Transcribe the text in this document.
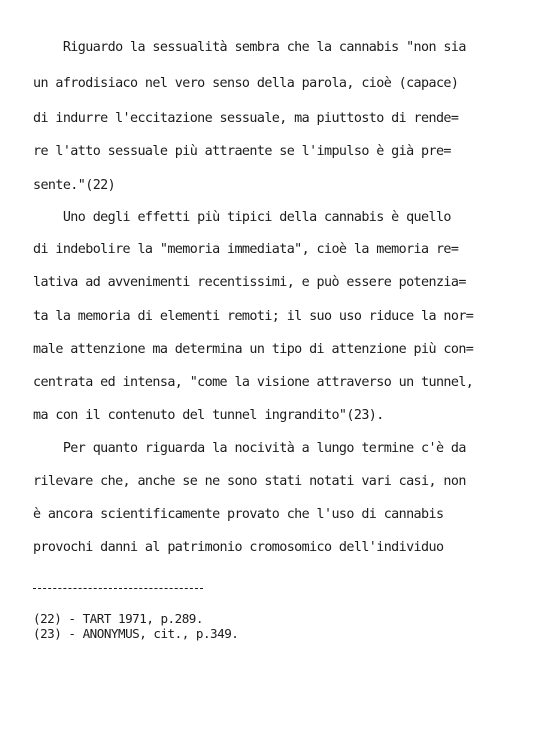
Riguardo la sessualità sembra che la cannabis "non sia
un afrodisiaco nel vero senso della parola, cioè (capace)
di indurre l'eccitazione sessuale, ma piuttosto di rende=
re l'atto sessuale più attraente se l'impulso è già pre=
sente."(22)
Uno degli effetti più tipici della cannabis è quello
di indebolire la "memoria immediata", cioè la memoria re=
lativa ad avvenimenti recentissimi, e può essere potenzia=
ta la memoria di elementi remoti; il suo uso riduce la nor=
male attenzione ma determina un tipo di attenzione più con=
centrata ed intensa, "come la visione attraverso un tunnel,
ma con il contenuto del tunnel ingrandito"(23).
Per quanto riguarda la nocività a lungo termine c'è da
rilevare che, anche se ne sono stati notati vari casi, non
è ancora scientificamente provato che l'uso di cannabis
provochi danni al patrimonio cromosomico dell'individuo
(22) - TART 1971, p.289.
(23) - ANONYMUS, cit., p.349.
